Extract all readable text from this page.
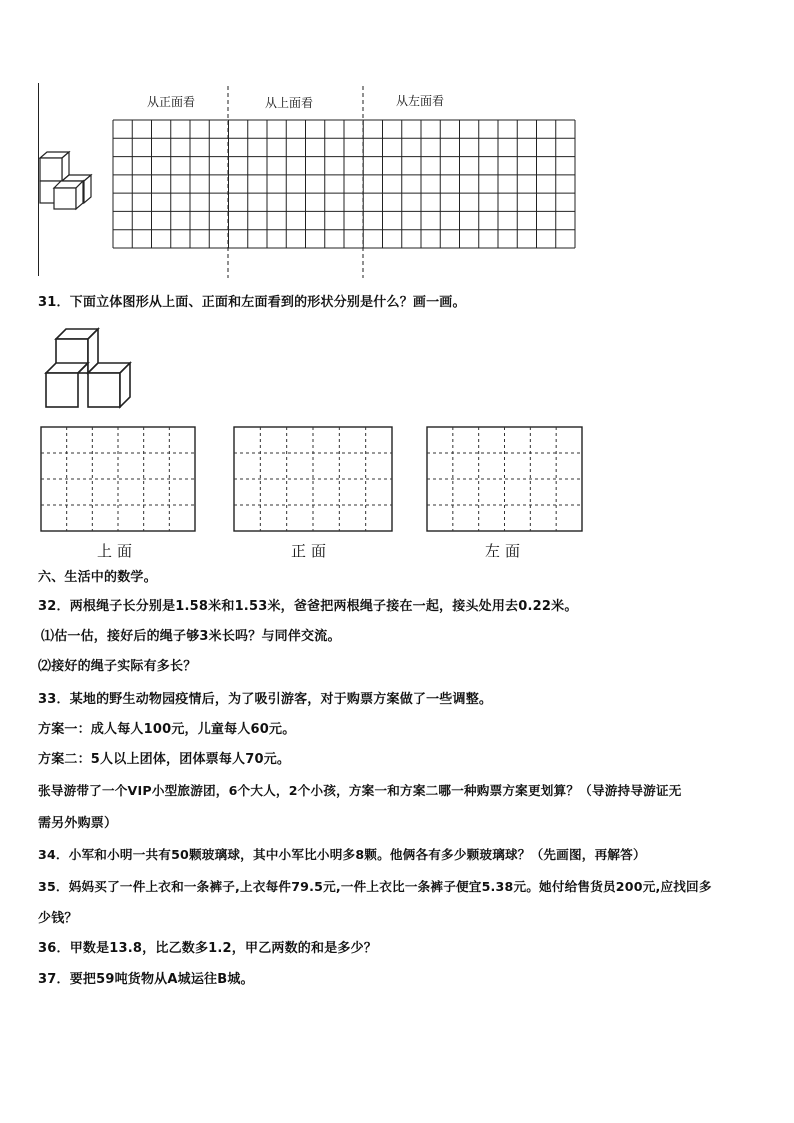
从正面看	从上面看	从左面看
31．下面立体图形从上面、正面和左面看到的形状分别是什么？画一画。
上面	正面	左面
六、生活中的数学。
32．两根绳子长分别是1.58米和1.53米，爸爸把两根绳子接在一起，接头处用去0.22米。
⑴估一估，接好后的绳子够3米长吗？与同伴交流。
⑵接好的绳子实际有多长？
33．某地的野生动物园疫情后，为了吸引游客，对于购票方案做了一些调整。
方案一：成人每人100元，儿童每人60元。
方案二：5人以上团体，团体票每人70元。
张导游带了一个VIP小型旅游团，6个大人，2个小孩，方案一和方案二哪一种购票方案更划算？（导游持导游证无
需另外购票）
34．小军和小明一共有50颗玻璃球，其中小军比小明多8颗。他俩各有多少颗玻璃球？（先画图，再解答）
35．妈妈买了一件上衣和一条裤子,上衣每件79.5元,一件上衣比一条裤子便宜5.38元。她付给售货员200元,应找回多
少钱？
36．甲数是13.8，比乙数多1.2，甲乙两数的和是多少？
37．要把59吨货物从A城运往B城。
